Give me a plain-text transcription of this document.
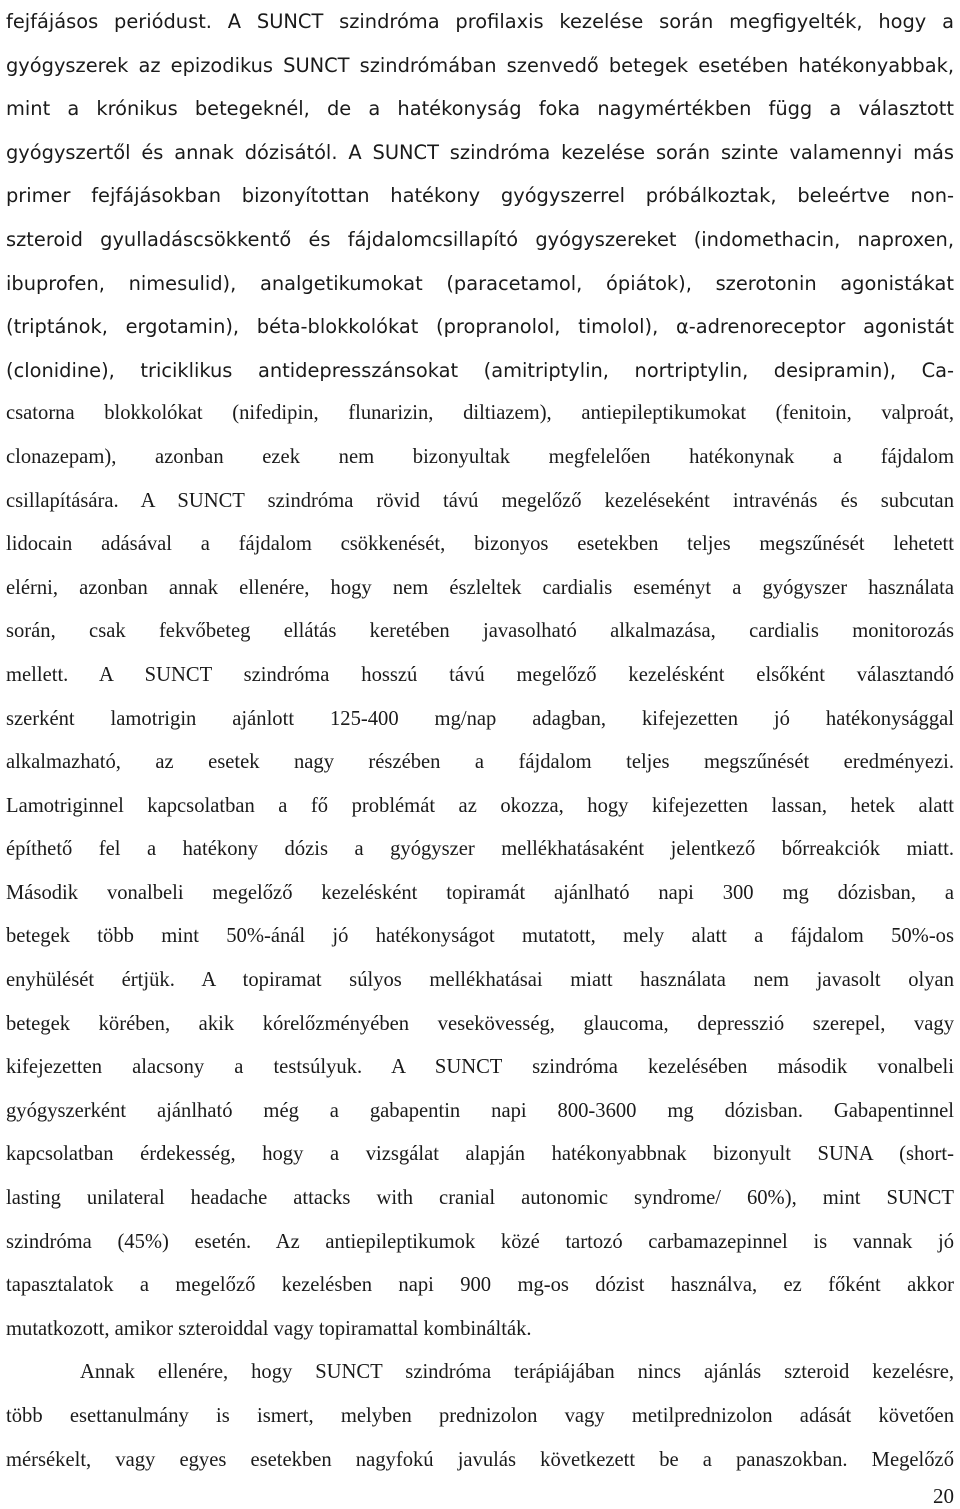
fejfájásos periódust. A SUNCT szindróma profilaxis kezelése során megfigyelték, hogy a
gyógyszerek az epizodikus SUNCT szindrómában szenvedő betegek esetében hatékonyabbak,
mint a krónikus betegeknél, de a hatékonyság foka nagymértékben függ a választott
gyógyszertől és annak dózisától. A SUNCT szindróma kezelése során szinte valamennyi más
primer fejfájásokban bizonyítottan hatékony gyógyszerrel próbálkoztak, beleértve non-
szteroid gyulladáscsökkentő és fájdalomcsillapító gyógyszereket (indomethacin, naproxen,
ibuprofen, nimesulid), analgetikumokat (paracetamol, ópiátok), szerotonin agonistákat
(triptánok, ergotamin), béta-blokkolókat (propranolol, timolol), α-adrenoreceptor agonistát
(clonidine), triciklikus antidepresszánsokat (amitriptylin, nortriptylin, desipramin), Ca-
csatorna blokkolókat (nifedipin, flunarizin, diltiazem), antiepileptikumokat (fenitoin, valproát,
clonazepam), azonban ezek nem bizonyultak megfelelően hatékonynak a fájdalom
csillapítására. A SUNCT szindróma rövid távú megelőző kezeléseként intravénás és subcutan
lidocain adásával a fájdalom csökkenését, bizonyos esetekben teljes megszűnését lehetett
elérni, azonban annak ellenére, hogy nem észleltek cardialis eseményt a gyógyszer használata
során, csak fekvőbeteg ellátás keretében javasolható alkalmazása, cardialis monitorozás
mellett. A SUNCT szindróma hosszú távú megelőző kezelésként elsőként választandó
szerként lamotrigin ajánlott 125-400 mg/nap adagban, kifejezetten jó hatékonysággal
alkalmazható, az esetek nagy részében a fájdalom teljes megszűnését eredményezi.
Lamotriginnel kapcsolatban a fő problémát az okozza, hogy kifejezetten lassan, hetek alatt
építhető fel a hatékony dózis a gyógyszer mellékhatásaként jelentkező bőrreakciók miatt.
Második vonalbeli megelőző kezelésként topiramát ajánlható napi 300 mg dózisban, a
betegek több mint 50%-ánál jó hatékonyságot mutatott, mely alatt a fájdalom 50%-os
enyhülését értjük. A topiramat súlyos mellékhatásai miatt használata nem javasolt olyan
betegek körében, akik kórelőzményében vesekövesség, glaucoma, depresszió szerepel, vagy
kifejezetten alacsony a testsúlyuk. A SUNCT szindróma kezelésében második vonalbeli
gyógyszerként ajánlható még a gabapentin napi 800-3600 mg dózisban. Gabapentinnel
kapcsolatban érdekesség, hogy a vizsgálat alapján hatékonyabbnak bizonyult SUNA (short-
lasting unilateral headache attacks with cranial autonomic syndrome/ 60%), mint SUNCT
szindróma (45%) esetén. Az antiepileptikumok közé tartozó carbamazepinnel is vannak jó
tapasztalatok a megelőző kezelésben napi 900 mg-os dózist használva, ez főként akkor
mutatkozott, amikor szteroiddal vagy topiramattal kombinálták.
Annak ellenére, hogy SUNCT szindróma terápiájában nincs ajánlás szteroid kezelésre,
több esettanulmány is ismert, melyben prednizolon vagy metilprednizolon adását követően
mérsékelt, vagy egyes esetekben nagyfokú javulás következett be a panaszokban. Megelőző
20
